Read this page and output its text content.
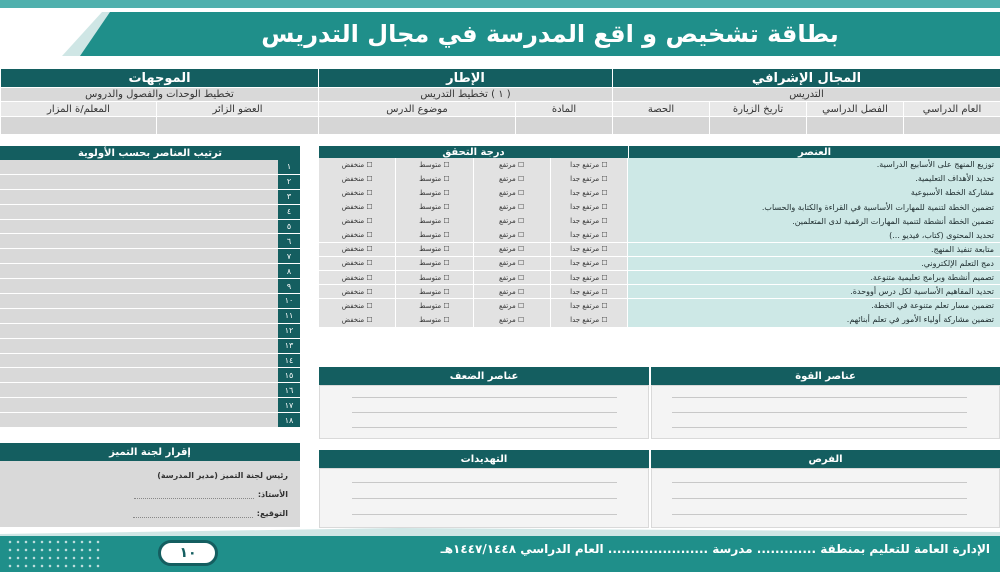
بطاقة تشخيص و اقع المدرسة في مجال التدريس
المجال الإشرافي				الإطار		الموجهات	
التدريس				( ١ ) تخطيط التدريس		تخطيط الوحدات والفصول والدروس	
العام الدراسي	الفصل الدراسي	تاريخ الزيارة	الحصة	المادة	موضوع الدرس	العضو الزائر	المعلم/ة المزار

ترتيب العناصر بحسب الأولوية
١
٢
٣
٤
٥
٦
٧
٨
٩
١٠
١١
١٢
١٣
١٤
١٥
١٦
١٧
١٨
العنصر
درجة التحقق
توزيع المنهج على الأسابيع الدراسية.
☐ مرتفع جدا
☐ مرتفع
☐ متوسط
☐ منخفض
تحديد الأهداف التعليمية.
☐ مرتفع جدا
☐ مرتفع
☐ متوسط
☐ منخفض
مشاركة الخطة الأسبوعية
☐ مرتفع جدا
☐ مرتفع
☐ متوسط
☐ منخفض
تضمين الخطة لتنمية للمهارات الأساسية في القراءة والكتابة والحساب.
☐ مرتفع جدا
☐ مرتفع
☐ متوسط
☐ منخفض
تضمين الخطة أنشطة لتنمية المهارات الرقمية لدى المتعلمين.
☐ مرتفع جدا
☐ مرتفع
☐ متوسط
☐ منخفض
تحديد المحتوى (كتاب، فيديو ...)
☐ مرتفع جدا
☐ مرتفع
☐ متوسط
☐ منخفض
متابعة تنفيذ المنهج.
☐ مرتفع جدا
☐ مرتفع
☐ متوسط
☐ منخفض
دمج التعلم الإلكتروني.
☐ مرتفع جدا
☐ مرتفع
☐ متوسط
☐ منخفض
تصميم أنشطة وبرامج تعليمية متنوعة.
☐ مرتفع جدا
☐ مرتفع
☐ متوسط
☐ منخفض
تحديد المفاهيم الأساسية لكل درس أووحدة.
☐ مرتفع جدا
☐ مرتفع
☐ متوسط
☐ منخفض
تضمين مسار تعلم متنوعة في الخطة.
☐ مرتفع جدا
☐ مرتفع
☐ متوسط
☐ منخفض
تضمين مشاركة أولياء الأمور في تعلم أبنائهم.
☐ مرتفع جدا
☐ مرتفع
☐ متوسط
☐ منخفض
عناصر القوة
عناصر الضعف
الفرص
التهديدات
إقرار لجنة التميز
رئيس لجنة التميز (مدير المدرسة)
الأستاذ:
التوقيع:
الإدارة العامة للتعليم بمنطقة ............. مدرسة ...................... العام الدراسي ١٤٤٧/١٤٤٨هـ
١٠
